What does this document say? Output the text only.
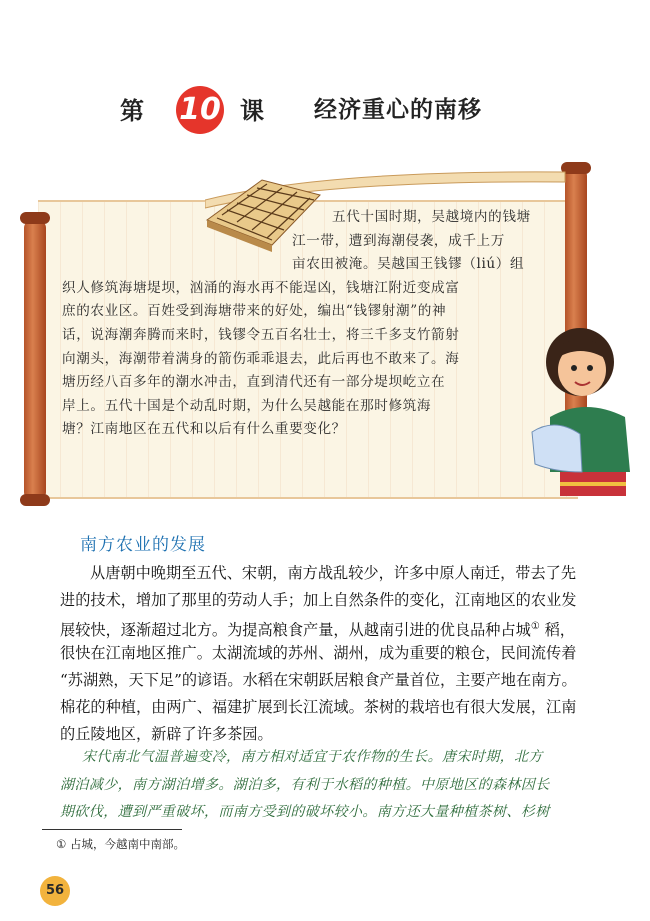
第 10 课 经济重心的南移
五代十国时期，吴越境内的钱塘
江一带，遭到海潮侵袭，成千上万
亩农田被淹。吴越国王钱镠（liú）组
织人修筑海塘堤坝，汹涌的海水再不能逞凶，钱塘江附近变成富
庶的农业区。百姓受到海塘带来的好处，编出“钱镠射潮”的神
话，说海潮奔腾而来时，钱镠令五百名壮士，将三千多支竹箭射
向潮头，海潮带着满身的箭伤乖乖退去，此后再也不敢来了。海
塘历经八百多年的潮水冲击，直到清代还有一部分堤坝屹立在
岸上。五代十国是个动乱时期，为什么吴越能在那时修筑海
塘？江南地区在五代和以后有什么重要变化？
南方农业的发展
从唐朝中晚期至五代、宋朝，南方战乱较少，许多中原人南迁，带去了先
进的技术，增加了那里的劳动人手；加上自然条件的变化，江南地区的农业发
展较快，逐渐超过北方。为提高粮食产量，从越南引进的优良品种占城① 稻，
很快在江南地区推广。太湖流域的苏州、湖州，成为重要的粮仓，民间流传着
“苏湖熟，天下足”的谚语。水稻在宋朝跃居粮食产量首位，主要产地在南方。
棉花的种植，由两广、福建扩展到长江流域。茶树的栽培也有很大发展，江南
的丘陵地区，新辟了许多茶园。
宋代南北气温普遍变冷，南方相对适宜于农作物的生长。唐宋时期，北方
湖泊减少，南方湖泊增多。湖泊多，有利于水稻的种植。中原地区的森林因长
期砍伐，遭到严重破坏，而南方受到的破坏较小。南方还大量种植茶树、杉树
① 占城，今越南中南部。
56
